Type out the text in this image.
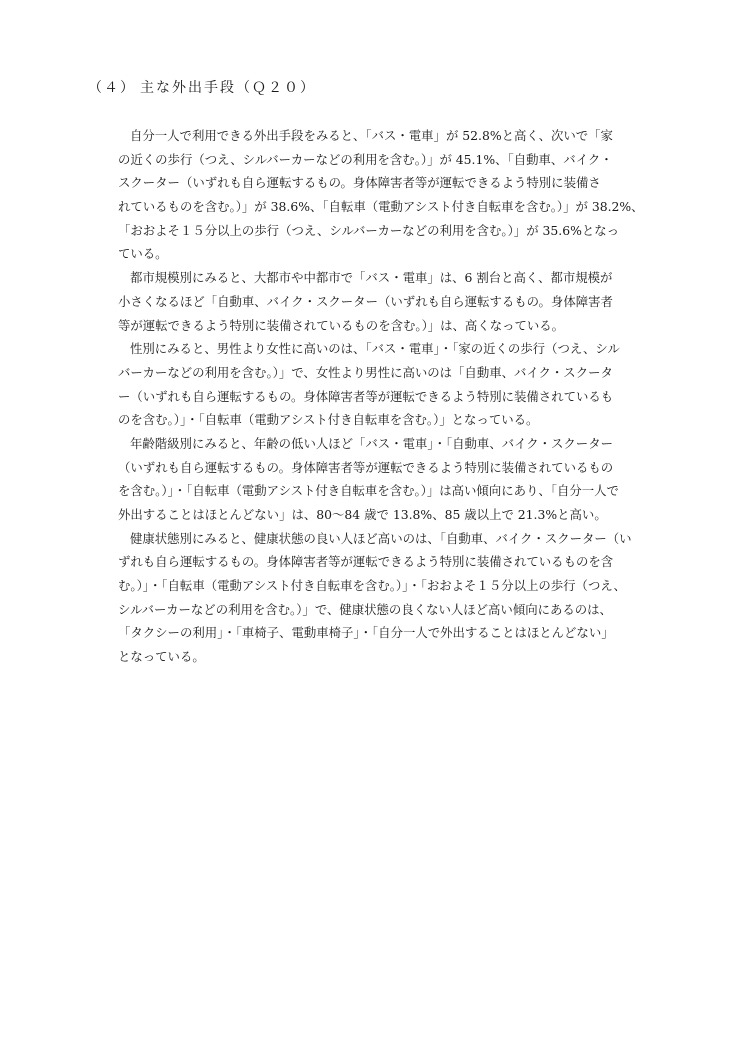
（４） 主な外出手段（Ｑ２０）
自分一人で利用できる外出手段をみると、「バス・電車」が 52.8%と高く、次いで「家
の近くの歩行（つえ、シルバーカーなどの利用を含む。）」が 45.1%、「自動車、バイク・
スクーター（いずれも自ら運転するもの。身体障害者等が運転できるよう特別に装備さ
れているものを含む。）」が 38.6%、「自転車（電動アシスト付き自転車を含む。）」が 38.2%、
「おおよそ１５分以上の歩行（つえ、シルバーカーなどの利用を含む。）」が 35.6%となっ
ている。
都市規模別にみると、大都市や中都市で「バス・電車」は、6 割台と高く、都市規模が
小さくなるほど「自動車、バイク・スクーター（いずれも自ら運転するもの。身体障害者
等が運転できるよう特別に装備されているものを含む。）」は、高くなっている。
性別にみると、男性より女性に高いのは、「バス・電車」・「家の近くの歩行（つえ、シル
バーカーなどの利用を含む。）」で、女性より男性に高いのは「自動車、バイク・スクータ
ー（いずれも自ら運転するもの。身体障害者等が運転できるよう特別に装備されているも
のを含む。）」・「自転車（電動アシスト付き自転車を含む。）」となっている。
年齢階級別にみると、年齢の低い人ほど「バス・電車」・「自動車、バイク・スクーター
（いずれも自ら運転するもの。身体障害者等が運転できるよう特別に装備されているもの
を含む。）」・「自転車（電動アシスト付き自転車を含む。）」は高い傾向にあり、「自分一人で
外出することはほとんどない」は、80～84 歳で 13.8%、85 歳以上で 21.3%と高い。
健康状態別にみると、健康状態の良い人ほど高いのは、「自動車、バイク・スクーター（い
ずれも自ら運転するもの。身体障害者等が運転できるよう特別に装備されているものを含
む。）」・「自転車（電動アシスト付き自転車を含む。）」・「おおよそ１５分以上の歩行（つえ、
シルバーカーなどの利用を含む。）」で、健康状態の良くない人ほど高い傾向にあるのは、
「タクシーの利用」・「車椅子、電動車椅子」・「自分一人で外出することはほとんどない」
となっている。
